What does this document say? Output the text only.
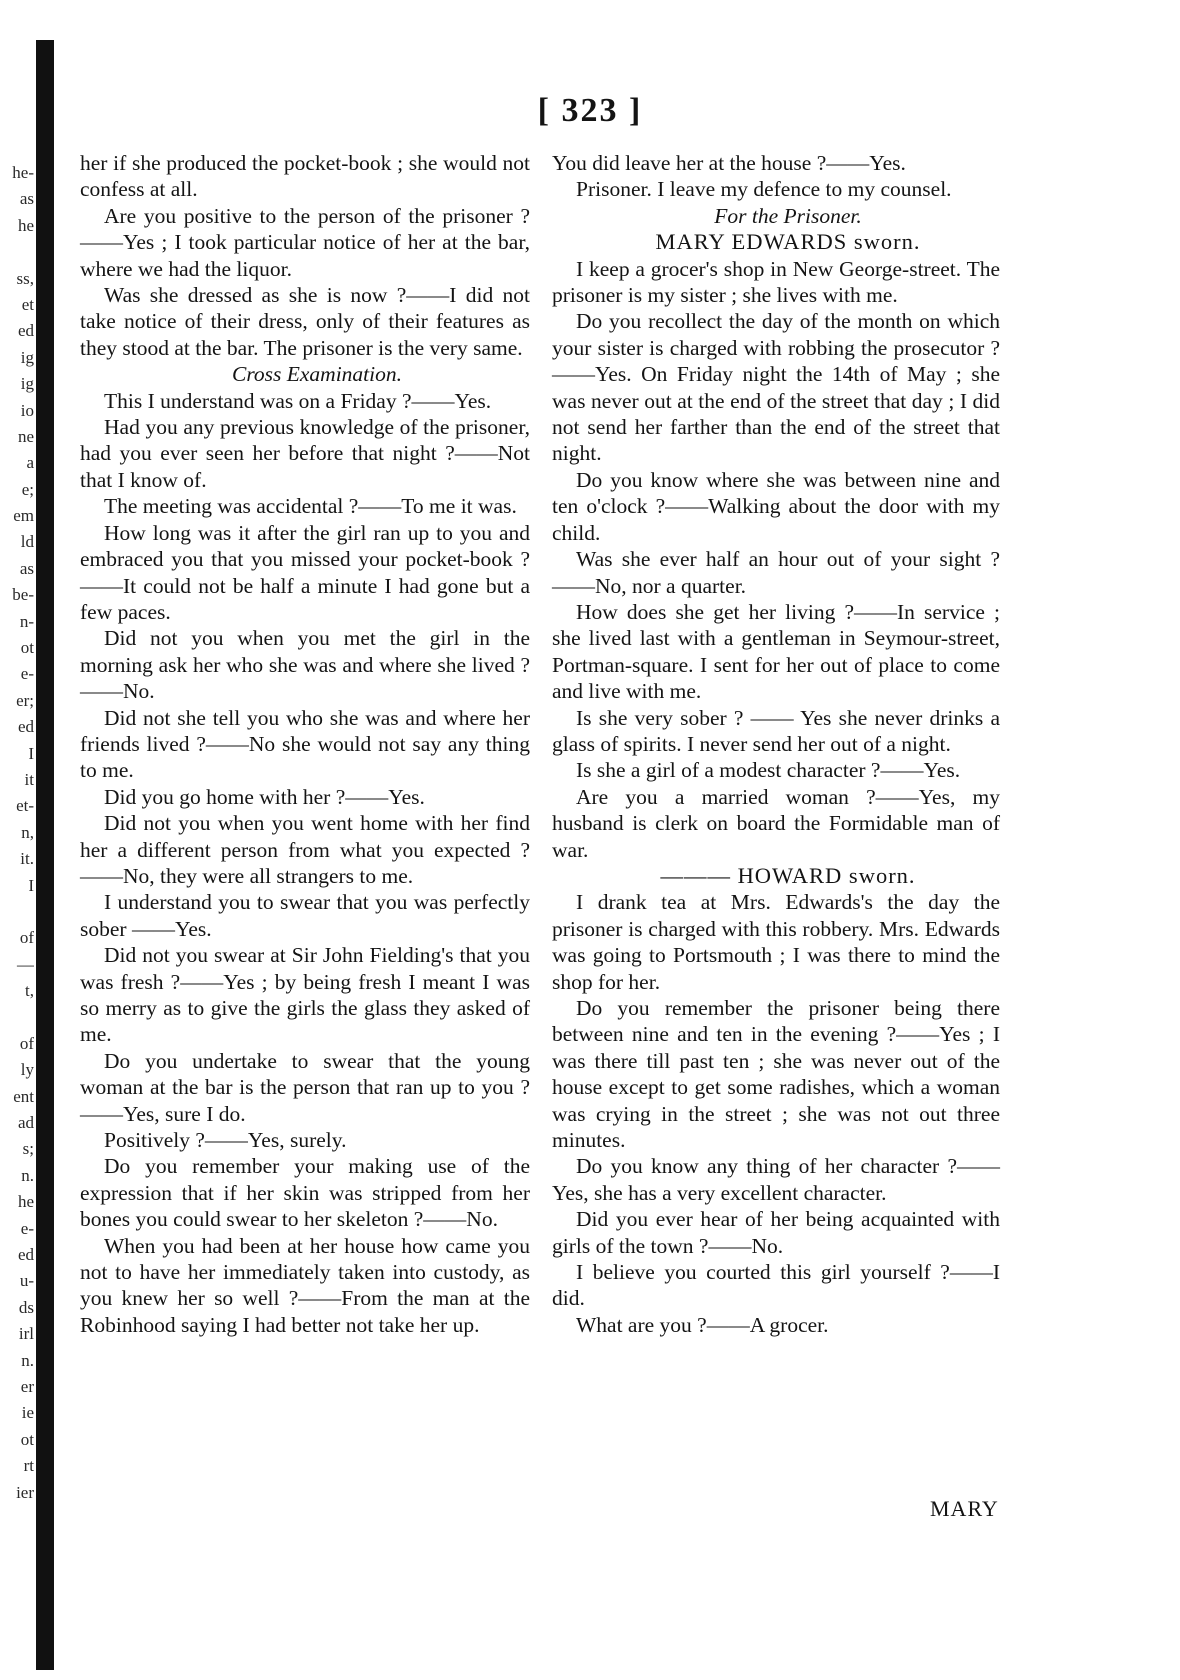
he-
as
he
ss,
et
ed
ig
ig
io
ne
a
e;
em
ld
as
be-
n-
ot
e-
er;
ed
I
it
et-
n,
it.
I
of
—
t,
of
ly
ent
ad
s;
n.
he
e-
ed
u-
ds
irl
n.
er
ie
ot
rt
ier
[ 323 ]

her if she produced the pocket-book ; she would not confess at all.

Are you positive to the person of the prisoner ?——Yes ; I took particular notice of her at the bar, where we had the liquor.

Was she dressed as she is now ?——I did not take notice of their dress, only of their features as they stood at the bar. The prisoner is the very same.

Cross Examination.

This I understand was on a Friday ?——Yes.

Had you any previous knowledge of the prisoner, had you ever seen her before that night ?——Not that I know of.

The meeting was accidental ?——To me it was.

How long was it after the girl ran up to you and embraced you that you missed your pocket-book ?——It could not be half a minute I had gone but a few paces.

Did not you when you met the girl in the morning ask her who she was and where she lived ?——No.

Did not she tell you who she was and where her friends lived ?——No she would not say any thing to me.

Did you go home with her ?——Yes.

Did not you when you went home with her find her a different person from what you expected ?——No, they were all strangers to me.

I understand you to swear that you was perfectly sober ——Yes.

Did not you swear at Sir John Fielding's that you was fresh ?——Yes ; by being fresh I meant I was so merry as to give the girls the glass they asked of me.

Do you undertake to swear that the young woman at the bar is the person that ran up to you ?——Yes, sure I do.

Positively ?——Yes, surely.

Do you remember your making use of the expression that if her skin was stripped from her bones you could swear to her skeleton ?——No.

When you had been at her house how came you not to have her immediately taken into custody, as you knew her so well ?——From the man at the Robinhood saying I had better not take her up.

You did leave her at the house ?——Yes.

Prisoner. I leave my defence to my counsel.

For the Prisoner.

MARY EDWARDS sworn.

I keep a grocer's shop in New George-street. The prisoner is my sister ; she lives with me.

Do you recollect the day of the month on which your sister is charged with robbing the prosecutor ?——Yes. On Friday night the 14th of May ; she was never out at the end of the street that day ; I did not send her farther than the end of the street that night.

Do you know where she was between nine and ten o'clock ?——Walking about the door with my child.

Was she ever half an hour out of your sight ?——No, nor a quarter.

How does she get her living ?——In service ; she lived last with a gentleman in Seymour-street, Portman-square. I sent for her out of place to come and live with me.

Is she very sober ? —— Yes she never drinks a glass of spirits. I never send her out of a night.

Is she a girl of a modest character ?——Yes.

Are you a married woman ?——Yes, my husband is clerk on board the Formidable man of war.

——— HOWARD sworn.

I drank tea at Mrs. Edwards's the day the prisoner is charged with this robbery. Mrs. Edwards was going to Portsmouth ; I was there to mind the shop for her.

Do you remember the prisoner being there between nine and ten in the evening ?——Yes ; I was there till past ten ; she was never out of the house except to get some radishes, which a woman was crying in the street ; she was not out three minutes.

Do you know any thing of her character ?——Yes, she has a very excellent character.

Did you ever hear of her being acquainted with girls of the town ?——No.

I believe you courted this girl yourself ?——I did.

What are you ?——A grocer.

MARY
